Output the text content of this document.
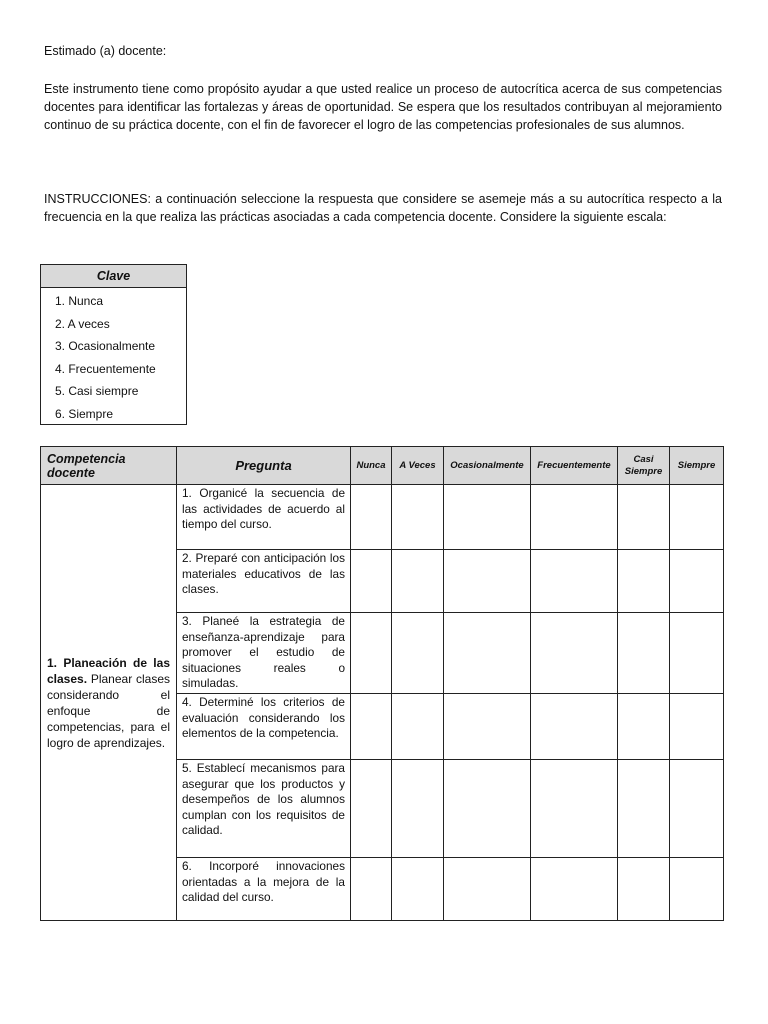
Estimado (a) docente:

Este instrumento tiene como propósito ayudar a que usted realice un proceso de autocrítica acerca de sus competencias docentes para identificar las fortalezas y áreas de oportunidad. Se espera que los resultados contribuyan al mejoramiento continuo de su práctica docente, con el fin de favorecer el logro de las competencias profesionales de sus alumnos.

INSTRUCCIONES: a continuación seleccione la respuesta que considere se asemeje más a su autocrítica respecto a la frecuencia en la que realiza las prácticas asociadas a cada competencia docente. Considere la siguiente escala:

Clave
1. Nunca
2. A veces
3. Ocasionalmente
4. Frecuentemente
5. Casi siempre
6. Siempre
Competencia docente	Pregunta	Nunca	A Veces	Ocasionalmente	Frecuentemente	Casi Siempre	Siempre
1. Planeación de las clases. Planear clases considerando el enfoque de competencias, para el logro de aprendizajes.	1. Organicé la secuencia de las actividades de acuerdo al tiempo del curso.						

	2. Preparé con anticipación los materiales educativos de las clases.						

	3. Planeé la estrategia de enseñanza-aprendizaje para promover el estudio de situaciones reales o simuladas.						

	4. Determiné los criterios de evaluación considerando los elementos de la competencia.						

	5. Establecí mecanismos para asegurar que los productos y desempeños de los alumnos cumplan con los requisitos de calidad.						

	6. Incorporé innovaciones orientadas a la mejora de la calidad del curso.						
